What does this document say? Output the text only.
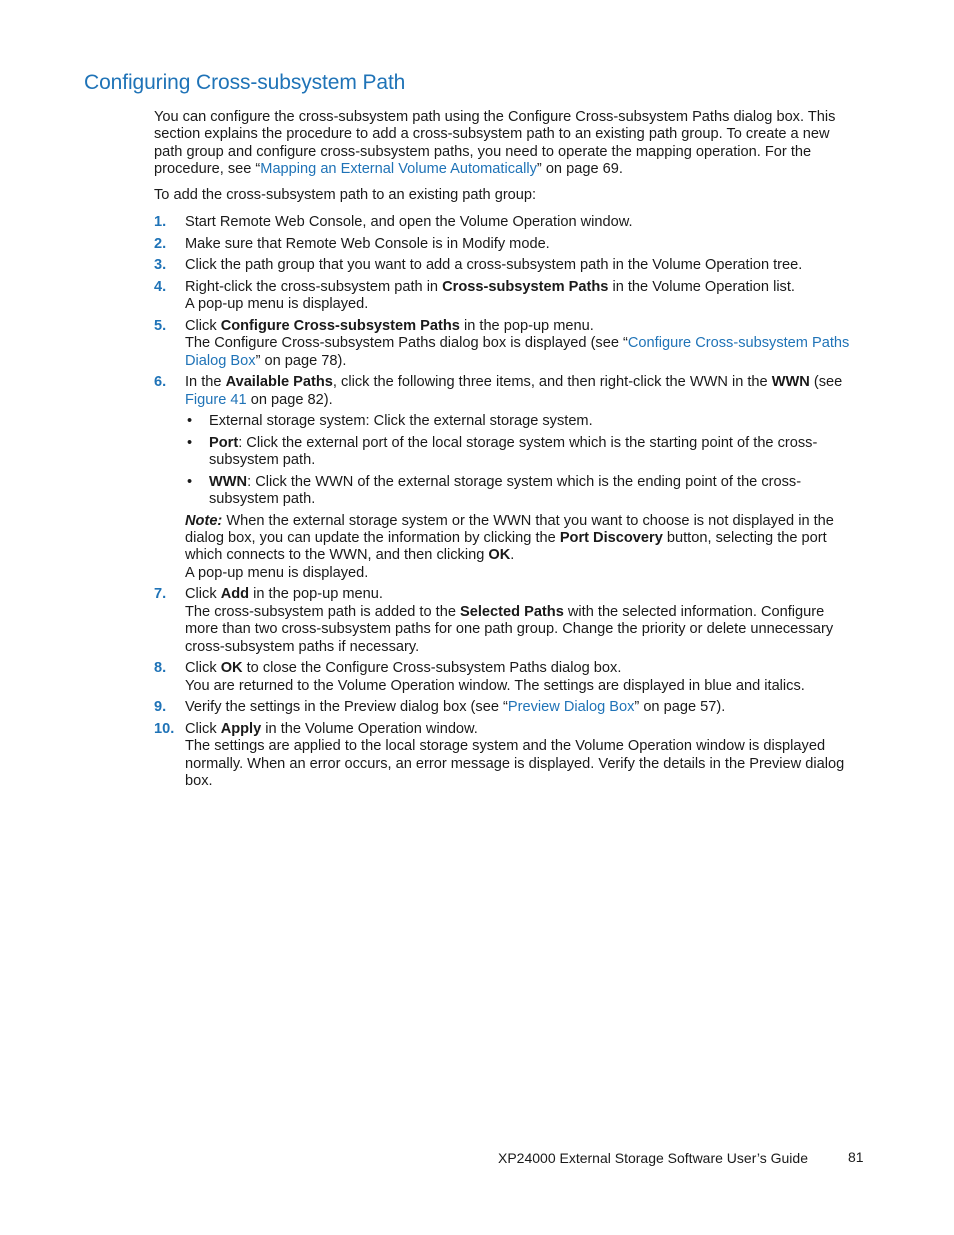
Configuring Cross-subsystem Path
You can configure the cross-subsystem path using the Configure Cross-subsystem Paths dialog box. This section explains the procedure to add a cross-subsystem path to an existing path group. To create a new path group and configure cross-subsystem paths, you need to operate the mapping operation. For the procedure, see “Mapping an External Volume Automatically” on page 69.
To add the cross-subsystem path to an existing path group:
1. Start Remote Web Console, and open the Volume Operation window.
2. Make sure that Remote Web Console is in Modify mode.
3. Click the path group that you want to add a cross-subsystem path in the Volume Operation tree.
4. Right-click the cross-subsystem path in Cross-subsystem Paths in the Volume Operation list.
A pop-up menu is displayed.
5. Click Configure Cross-subsystem Paths in the pop-up menu.
The Configure Cross-subsystem Paths dialog box is displayed (see “Configure Cross-subsystem Paths Dialog Box” on page 78).
6. In the Available Paths, click the following three items, and then right-click the WWN in the WWN (see Figure 41 on page 82).
• External storage system: Click the external storage system.
• Port: Click the external port of the local storage system which is the starting point of the cross-subsystem path.
• WWN: Click the WWN of the external storage system which is the ending point of the cross-subsystem path.
Note: When the external storage system or the WWN that you want to choose is not displayed in the dialog box, you can update the information by clicking the Port Discovery button, selecting the port which connects to the WWN, and then clicking OK.
A pop-up menu is displayed.
7. Click Add in the pop-up menu.
The cross-subsystem path is added to the Selected Paths with the selected information. Configure more than two cross-subsystem paths for one path group. Change the priority or delete unnecessary cross-subsystem paths if necessary.
8. Click OK to close the Configure Cross-subsystem Paths dialog box.
You are returned to the Volume Operation window. The settings are displayed in blue and italics.
9. Verify the settings in the Preview dialog box (see “Preview Dialog Box” on page 57).
10. Click Apply in the Volume Operation window.
The settings are applied to the local storage system and the Volume Operation window is displayed normally. When an error occurs, an error message is displayed. Verify the details in the Preview dialog box.
XP24000 External Storage Software User’s Guide	81
